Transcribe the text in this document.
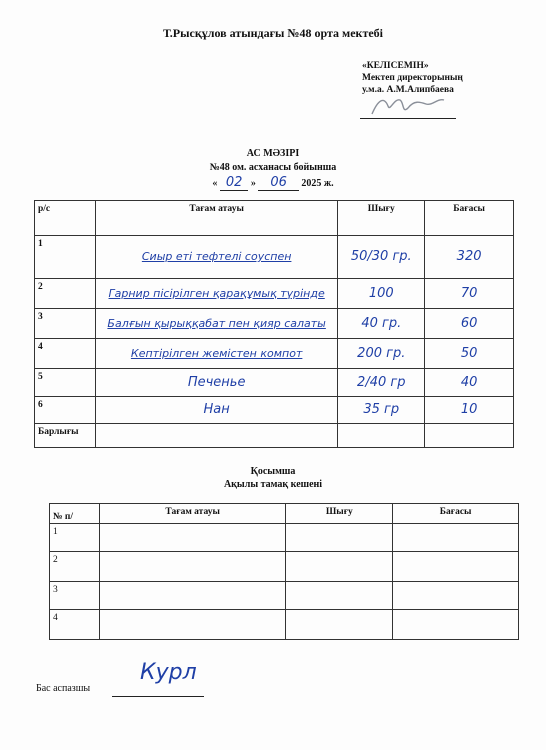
Т.Рысқұлов атындағы №48 орта мектебі
«КЕЛІСЕМІН»
Мектеп директорының
у.м.а. А.М.Алипбаева
АС МӘЗІРІ
№48 ом. асханасы бойынша
« 02 » 06 2025 ж.
р/с	Тағам атауы	Шығу	Бағасы
1	Сиыр еті тефтелі соуспен	50/30 гр.	320
2	Гарнир пісірілген қарақұмық түрінде	100	70
3	Балғын қырыққабат пен қияр салаты	40 гр.	60
4	Кептірілген жемістен компот	200 гр.	50
5	Печенье	2/40 гр	40
6	Нан	35 гр	10
Барлығы			
Қосымша
Ақылы тамақ кешені
№ п/	Тағам атауы	Шығу	Бағасы
1			
2			
3			
4			
Бас аспазшы
Курл
